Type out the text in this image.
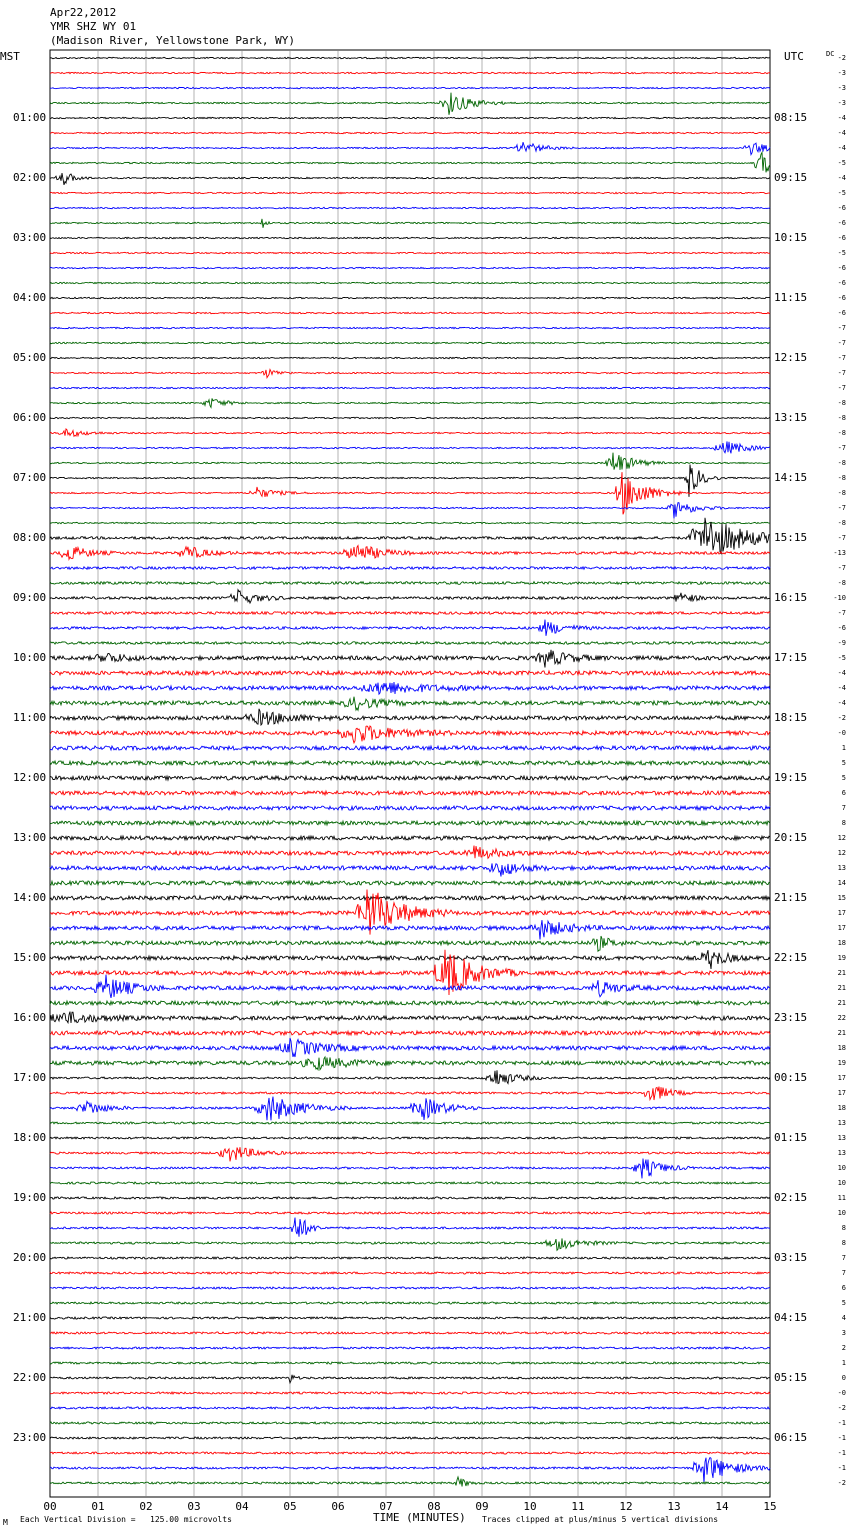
Apr22,2012
YMR SHZ WY 01
(Madison River, Yellowstone Park, WY)
MST	UTC	DC
01:00
02:00
03:00
04:00
05:00
06:00
07:00
08:00
09:00
10:00
11:00
12:00
13:00
14:00
15:00
16:00
17:00
18:00
19:00
20:00
21:00
22:00
23:00
08:15
09:15
10:15
11:15
12:15
13:15
14:15
15:15
16:15
17:15
18:15
19:15
20:15
21:15
22:15
23:15
00:15
01:15
02:15
03:15
04:15
05:15
06:15
-2
-3
-3
-3
-4
-4
-4
-5
-4
-5
-6
-6
-6
-5
-6
-6
-6
-6
-7
-7
-7
-7
-7
-8
-8
-8
-7
-8
-8
-8
-7
-8
-7
-13
-7
-8
-10
-7
-6
-9
-5
-4
-4
-4
-2
-0
1
5
5
6
7
8
12
12
13
14
15
17
17
18
19
21
21
21
22
21
18
19
17
17
18
13
13
13
10
10
11
10
8
8
7
7
6
5
4
3
2
1
0
-0
-2
-1
-1
-1
-1
-2
00	01	02	03	04	05	06	07	08	09	10	11	12	13	14	15
M Each Vertical Division = 125.00 microvolts	TIME (MINUTES) Traces clipped at plus/minus 5 vertical divisions
